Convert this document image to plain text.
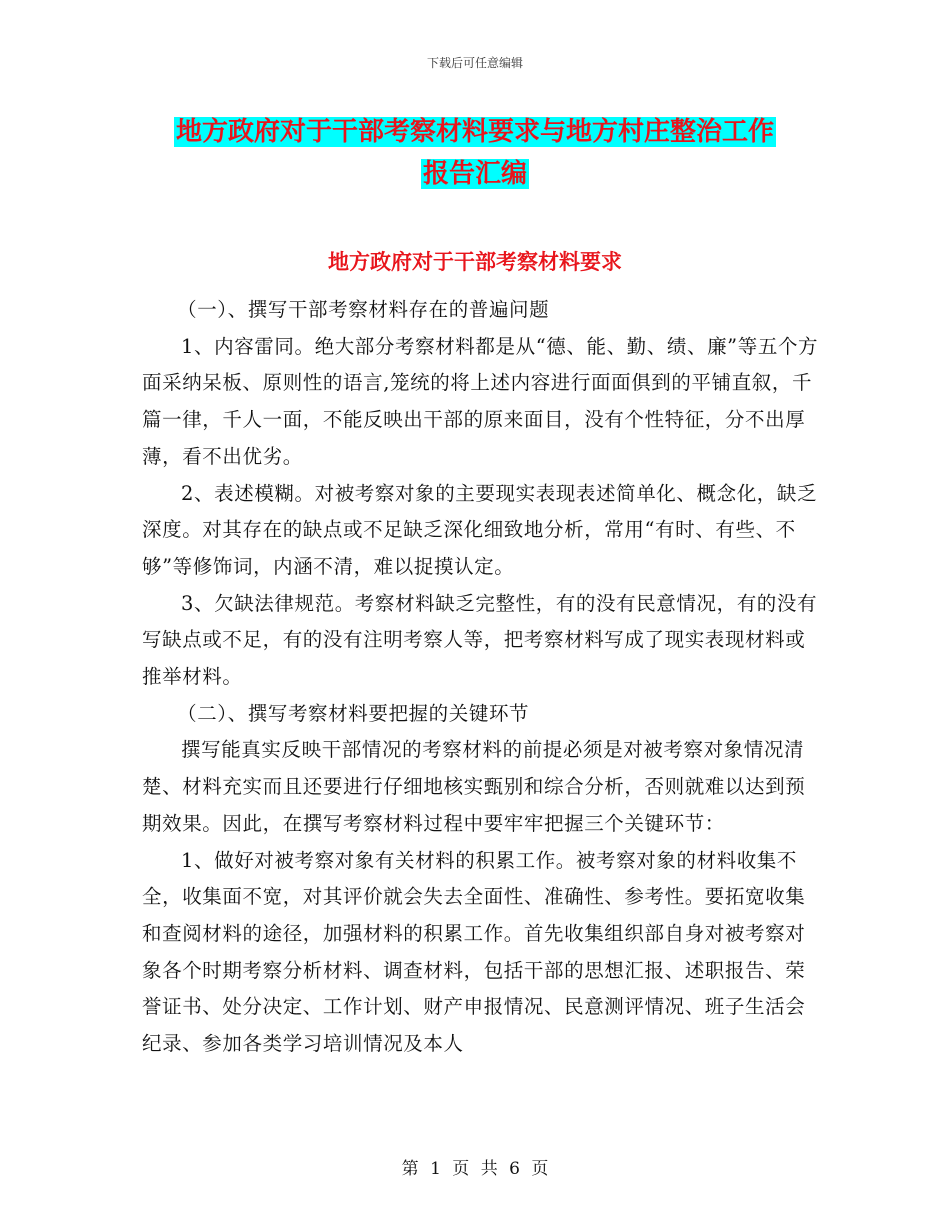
下载后可任意编辑
地方政府对于干部考察材料要求与地方村庄整治工作
报告汇编
地方政府对于干部考察材料要求

（一）、撰写干部考察材料存在的普遍问题

1、内容雷同。绝大部分考察材料都是从“德、能、勤、绩、廉”等五个方面采纳呆板、原则性的语言,笼统的将上述内容进行面面俱到的平铺直叙，千篇一律，千人一面，不能反映出干部的原来面目，没有个性特征，分不出厚薄，看不出优劣。

2、表述模糊。对被考察对象的主要现实表现表述简单化、概念化，缺乏深度。对其存在的缺点或不足缺乏深化细致地分析，常用“有时、有些、不够”等修饰词，内涵不清，难以捉摸认定。

3、欠缺法律规范。考察材料缺乏完整性，有的没有民意情况，有的没有写缺点或不足，有的没有注明考察人等，把考察材料写成了现实表现材料或推举材料。

（二）、撰写考察材料要把握的关键环节

撰写能真实反映干部情况的考察材料的前提必须是对被考察对象情况清楚、材料充实而且还要进行仔细地核实甄别和综合分析，否则就难以达到预期效果。因此，在撰写考察材料过程中要牢牢把握三个关键环节：

1、做好对被考察对象有关材料的积累工作。被考察对象的材料收集不全，收集面不宽，对其评价就会失去全面性、准确性、参考性。要拓宽收集和查阅材料的途径，加强材料的积累工作。首先收集组织部自身对被考察对象各个时期考察分析材料、调查材料，包括干部的思想汇报、述职报告、荣誉证书、处分决定、工作计划、财产申报情况、民意测评情况、班子生活会纪录、参加各类学习培训情况及本人

第 1 页 共 6 页
